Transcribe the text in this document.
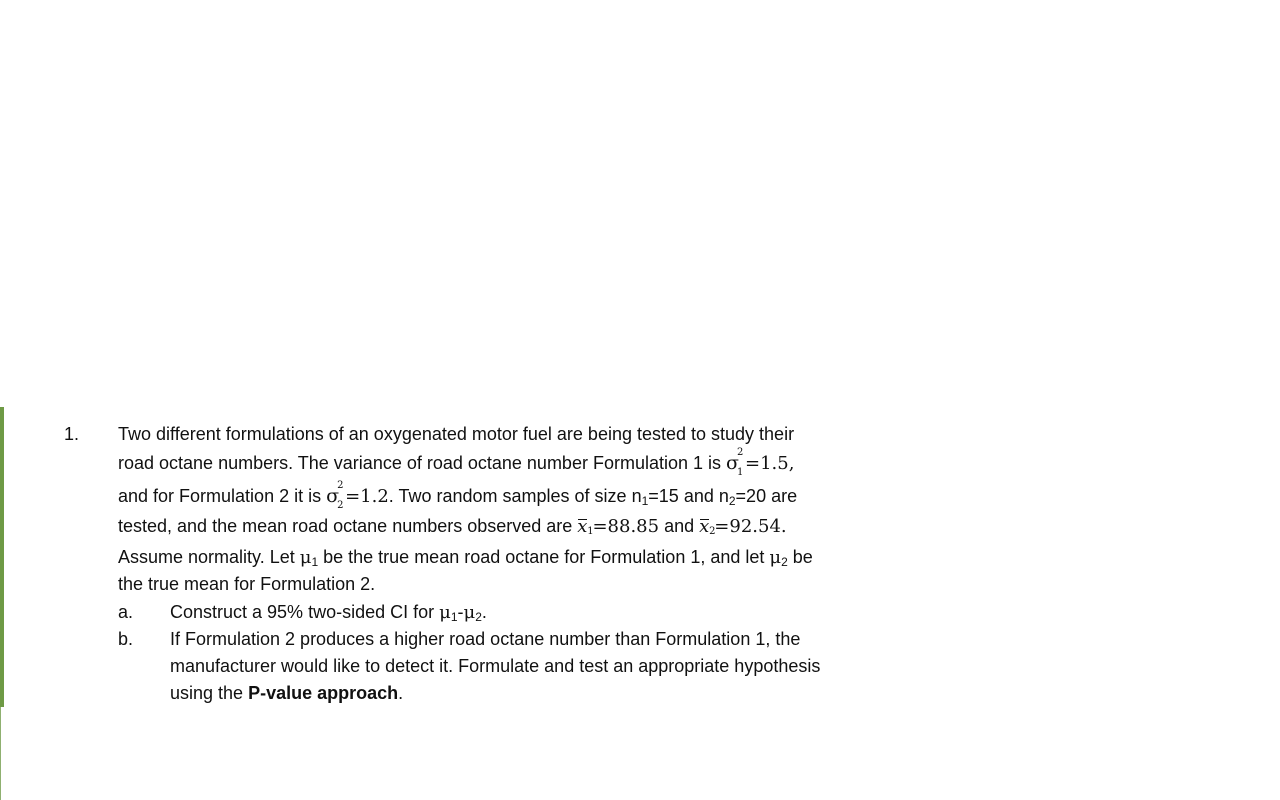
1. Two different formulations of an oxygenated motor fuel are being tested to study their
road octane numbers. The variance of road octane number Formulation 1 is σ
2
1 =1.5,
and for Formulation 2 it is σ
2
2 =1.2. Two random samples of size n1=15 and n2=20 are
tested, and the mean road octane numbers observed are x 1
=88.85 and x 2
=92.54.
Assume normality. Let μ1 be the true mean road octane for Formulation 1, and let μ2 be
the true mean for Formulation 2.
a. Construct a 95% two-sided CI for μ1-μ2.
b. If Formulation 2 produces a higher road octane number than Formulation 1, the
manufacturer would like to detect it. Formulate and test an appropriate hypothesis
using the P-value approach.
